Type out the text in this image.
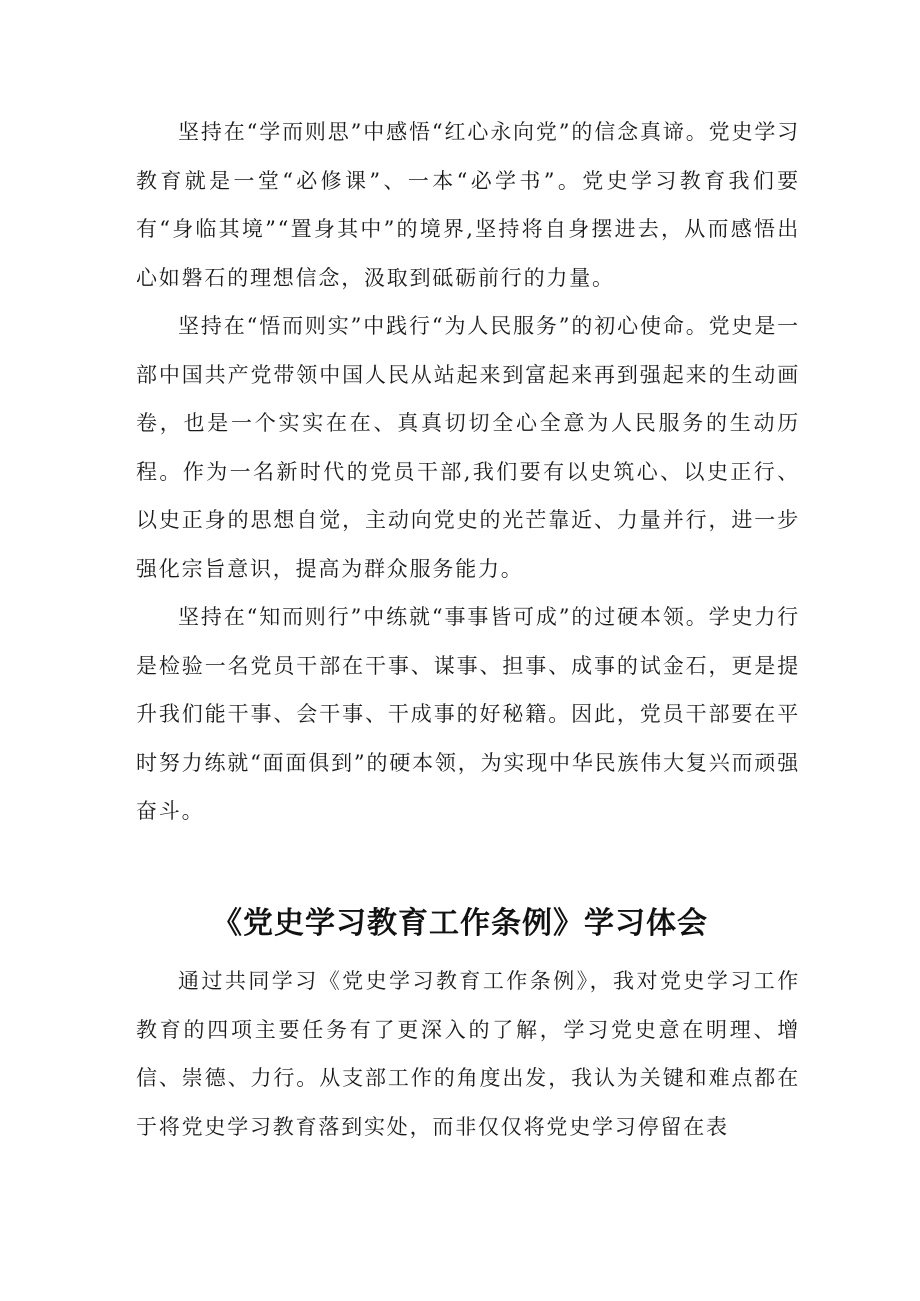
坚持在“学而则思”中感悟“红心永向党”的信念真谛。党史学习教育就是一堂“必修课”、一本“必学书”。党史学习教育我们要有“身临其境”“置身其中”的境界,坚持将自身摆进去，从而感悟出心如磐石的理想信念，汲取到砥砺前行的力量。

坚持在“悟而则实”中践行“为人民服务”的初心使命。党史是一部中国共产党带领中国人民从站起来到富起来再到强起来的生动画卷，也是一个实实在在、真真切切全心全意为人民服务的生动历程。作为一名新时代的党员干部,我们要有以史筑心、以史正行、以史正身的思想自觉，主动向党史的光芒靠近、力量并行，进一步强化宗旨意识，提高为群众服务能力。

坚持在“知而则行”中练就“事事皆可成”的过硬本领。学史力行是检验一名党员干部在干事、谋事、担事、成事的试金石，更是提升我们能干事、会干事、干成事的好秘籍。因此，党员干部要在平时努力练就“面面俱到”的硬本领，为实现中华民族伟大复兴而顽强奋斗。

《党史学习教育工作条例》学习体会

通过共同学习《党史学习教育工作条例》，我对党史学习工作教育的四项主要任务有了更深入的了解，学习党史意在明理、增信、崇德、力行。从支部工作的角度出发，我认为关键和难点都在于将党史学习教育落到实处，而非仅仅将党史学习停留在表
